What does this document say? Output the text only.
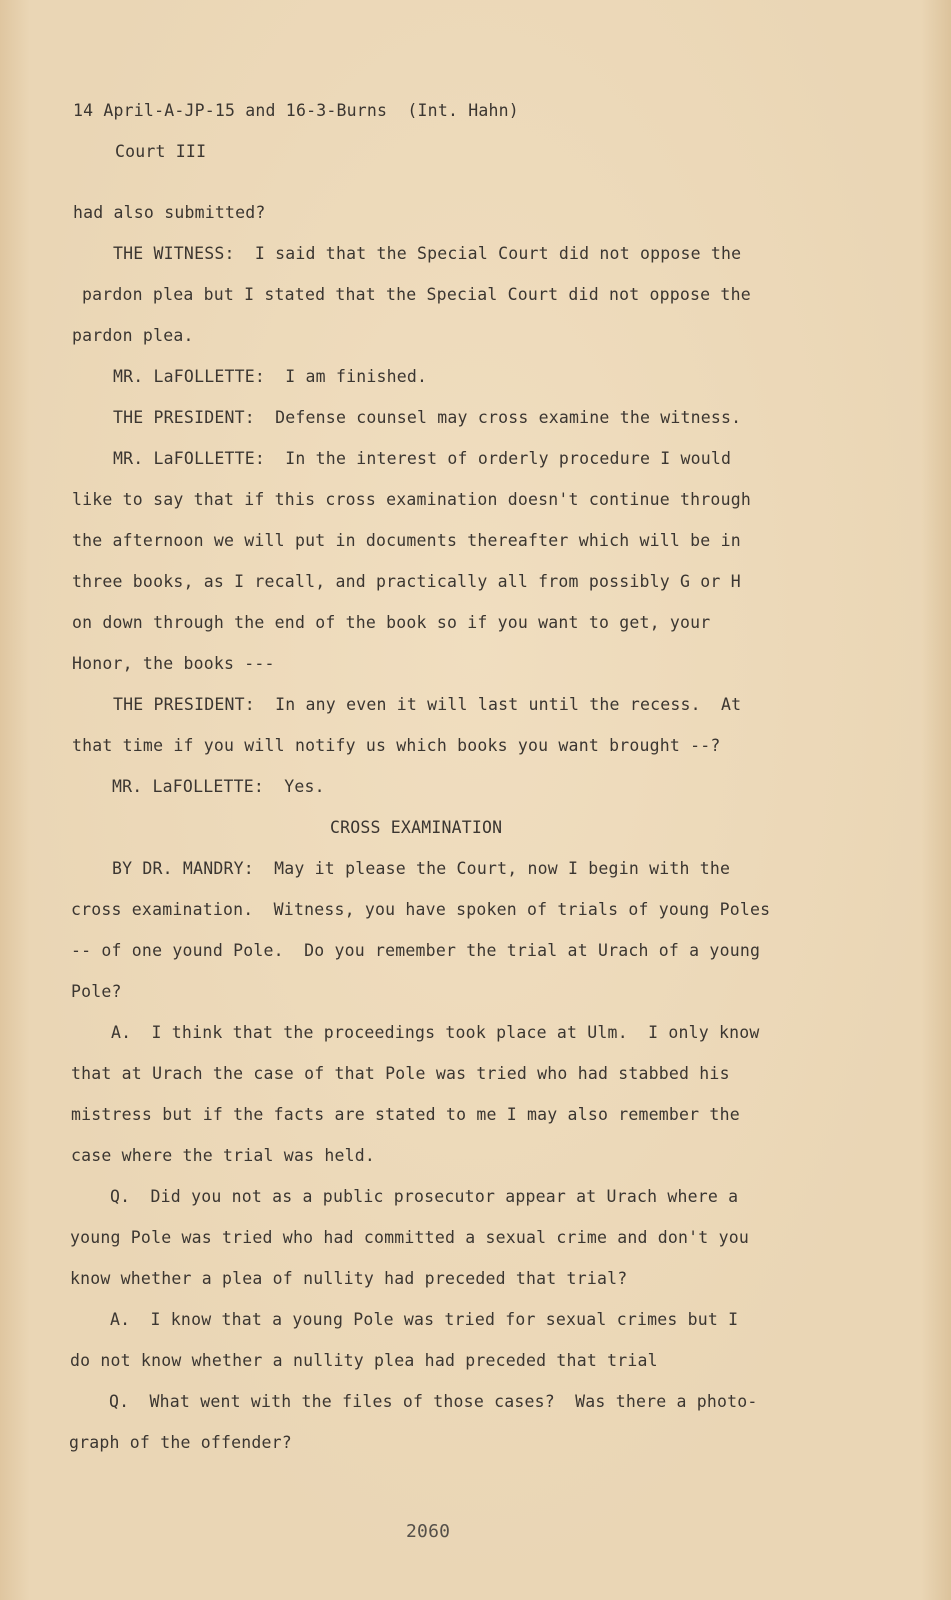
14 April-A-JP-15 and 16-3-Burns  (Int. Hahn)
Court III
had also submitted?
THE WITNESS:  I said that the Special Court did not oppose the
pardon plea but I stated that the Special Court did not oppose the
pardon plea.
MR. LaFOLLETTE:  I am finished.
THE PRESIDENT:  Defense counsel may cross examine the witness.
MR. LaFOLLETTE:  In the interest of orderly procedure I would
like to say that if this cross examination doesn't continue through
the afternoon we will put in documents thereafter which will be in
three books, as I recall, and practically all from possibly G or H
on down through the end of the book so if you want to get, your
Honor, the books ---
THE PRESIDENT:  In any even it will last until the recess.  At
that time if you will notify us which books you want brought --?
MR. LaFOLLETTE:  Yes.
CROSS EXAMINATION
BY DR. MANDRY:  May it please the Court, now I begin with the
cross examination.  Witness, you have spoken of trials of young Poles
-- of one yound Pole.  Do you remember the trial at Urach of a young
Pole?
A.  I think that the proceedings took place at Ulm.  I only know
that at Urach the case of that Pole was tried who had stabbed his
mistress but if the facts are stated to me I may also remember the
case where the trial was held.
Q.  Did you not as a public prosecutor appear at Urach where a
young Pole was tried who had committed a sexual crime and don't you
know whether a plea of nullity had preceded that trial?
A.  I know that a young Pole was tried for sexual crimes but I
do not know whether a nullity plea had preceded that trial
Q.  What went with the files of those cases?  Was there a photo-
graph of the offender?
2060
